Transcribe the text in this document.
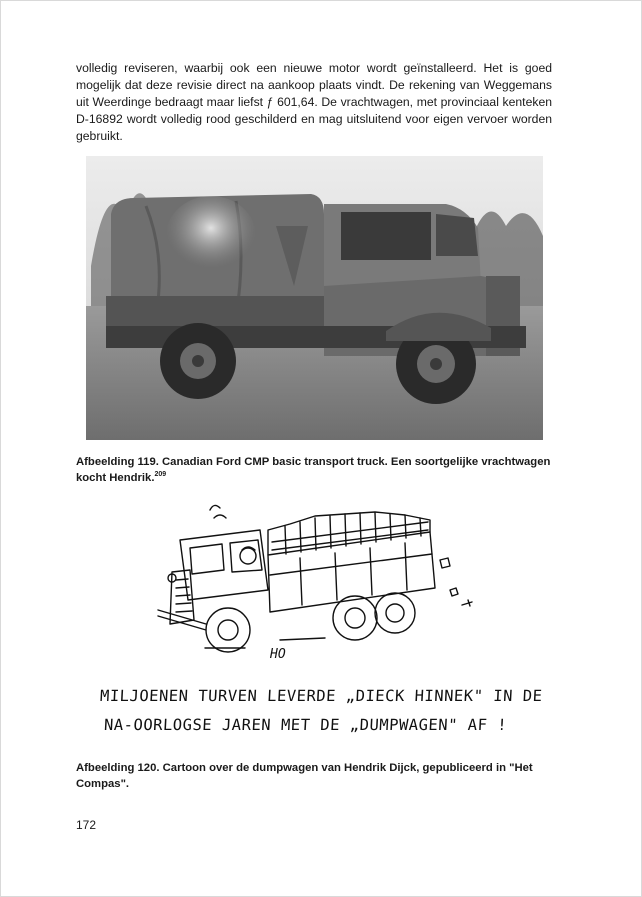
volledig reviseren, waarbij ook een nieuwe motor wordt geïnstalleerd. Het is goed mogelijk dat deze revisie direct na aankoop plaats vindt. De rekening van Weggemans uit Weerdinge bedraagt maar liefst ƒ 601,64. De vrachtwagen, met provinciaal kenteken D-16892 wordt volledig rood geschilderd en mag uitsluitend voor eigen vervoer worden gebruikt.

Afbeelding 119. Canadian Ford CMP basic transport truck. Een soortgelijke vrachtwagen kocht Hendrik.$^{209}$

HO

MILJOENEN TURVEN LEVERDE „DIECK HINNEK" IN DE

NA-OORLOGSE JAREN MET DE „DUMPWAGEN" AF !

Afbeelding 120. Cartoon over de dumpwagen van Hendrik Dijck, gepubliceerd in "Het Compas".

172
